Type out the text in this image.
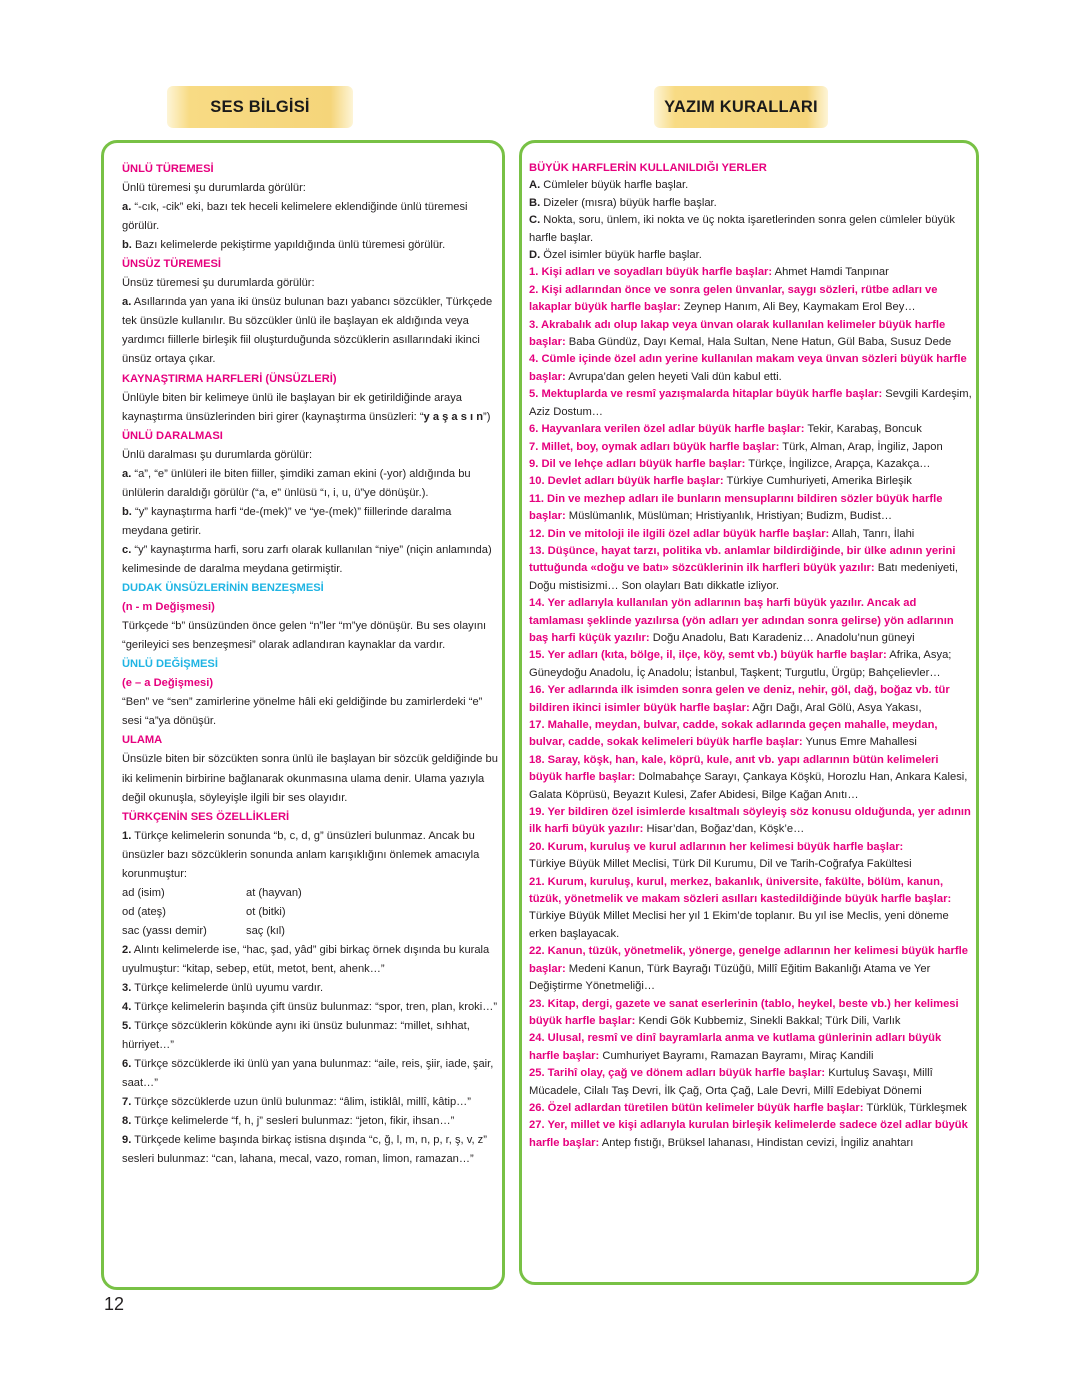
SES BİLGİSİ	YAZIM KURALLARI

ÜNLÜ TÜREMESİ

Ünlü türemesi şu durumlarda görülür:

a. “-cık, -cik” eki, bazı tek heceli kelimelere eklendiğinde ünlü türemesi görülür.

b. Bazı kelimelerde pekiştirme yapıldığında ünlü türemesi görülür.

ÜNSÜZ TÜREMESİ

Ünsüz türemesi şu durumlarda görülür:

a. Asıllarında yan yana iki ünsüz bulunan bazı yabancı sözcükler, Türkçede tek ünsüzle kullanılır. Bu sözcükler ünlü ile başlayan ek aldığında veya yardımcı fiillerle birleşik fiil oluşturduğunda sözcüklerin asıllarındaki ikinci ünsüz ortaya çıkar.

KAYNAŞTIRMA HARFLERİ (ÜNSÜZLERİ)

Ünlüyle biten bir kelimeye ünlü ile başlayan bir ek getirildiğinde araya kaynaştırma ünsüzlerinden biri girer (kaynaştırma ünsüzleri: “y a ş a s ı n”)

ÜNLÜ DARALMASI

Ünlü daralması şu durumlarda görülür:

a. “a”, “e” ünlüleri ile biten fiiller, şimdiki zaman ekini (-yor) aldığında bu ünlülerin daraldığı görülür (“a, e” ünlüsü “ı, i, u, ü”ye dönüşür.).

b. “y” kaynaştırma harfi “de-(mek)” ve “ye-(mek)” fiillerinde daralma meydana getirir.

c. “y” kaynaştırma harfi, soru zarfı olarak kullanılan “niye” (niçin anlamında) kelimesinde de daralma meydana getirmiştir.

DUDAK ÜNSÜZLERİNİN BENZEŞMESİ

(n - m Değişmesi)

Türkçede “b” ünsüzünden önce gelen “n”ler “m”ye dönüşür. Bu ses olayını “gerileyici ses benzeşmesi” olarak adlandıran kaynaklar da vardır.

ÜNLÜ DEĞİŞMESİ

(e – a Değişmesi)

“Ben” ve “sen” zamirlerine yönelme hâli eki geldiğinde bu zamirlerdeki “e” sesi “a”ya dönüşür.

ULAMA

Ünsüzle biten bir sözcükten sonra ünlü ile başlayan bir sözcük geldiğinde bu iki kelimenin birbirine bağlanarak okunmasına ulama denir. Ulama yazıyla değil okunuşla, söyleyişle ilgili bir ses olayıdır.

TÜRKÇENİN SES ÖZELLİKLERİ

1. Türkçe kelimelerin sonunda “b, c, d, g” ünsüzleri bulunmaz. Ancak bu ünsüzler bazı sözcüklerin sonunda anlam karışıklığını önlemek amacıyla korunmuştur:

ad (isim)	at (hayvan)
od (ateş)	ot (bitki)
sac (yassı demir)	saç (kıl)

2. Alıntı kelimelerde ise, “hac, şad, yâd” gibi birkaç örnek dışında bu kurala uyulmuştur: “kitap, sebep, etüt, metot, bent, ahenk…”

3. Türkçe kelimelerde ünlü uyumu vardır.

4. Türkçe kelimelerin başında çift ünsüz bulunmaz: “spor, tren, plan, kroki…”

5. Türkçe sözcüklerin kökünde aynı iki ünsüz bulunmaz: “millet, sıhhat, hürriyet…”

6. Türkçe sözcüklerde iki ünlü yan yana bulunmaz: “aile, reis, şiir, iade, şair, saat…”

7. Türkçe sözcüklerde uzun ünlü bulunmaz: “âlim, istiklâl, millî, kâtip…”

8. Türkçe kelimelerde “f, h, j” sesleri bulunmaz: “jeton, fikir, ihsan…”

9. Türkçede kelime başında birkaç istisna dışında “c, ğ, l, m, n, p, r, ş, v, z” sesleri bulunmaz: “can, lahana, mecal, vazo, roman, limon, ramazan…”

BÜYÜK HARFLERİN KULLANILDIĞI YERLER

A. Cümleler büyük harfle başlar.

B. Dizeler (mısra) büyük harfle başlar.

C. Nokta, soru, ünlem, iki nokta ve üç nokta işaretlerinden sonra gelen cümleler büyük harfle başlar.

D. Özel isimler büyük harfle başlar.

1. Kişi adları ve soyadları büyük harfle başlar: Ahmet Hamdi Tanpınar

2. Kişi adlarından önce ve sonra gelen ünvanlar, saygı sözleri, rütbe adları ve lakaplar büyük harfle başlar: Zeynep Hanım, Ali Bey, Kaymakam Erol Bey…

3. Akrabalık adı olup lakap veya ünvan olarak kullanılan kelimeler büyük harfle başlar: Baba Gündüz, Dayı Kemal, Hala Sultan, Nene Hatun, Gül Baba, Susuz Dede

4. Cümle içinde özel adın yerine kullanılan makam veya ünvan sözleri büyük harfle başlar: Avrupa’dan gelen heyeti Vali dün kabul etti.

5. Mektuplarda ve resmî yazışmalarda hitaplar büyük harfle başlar: Sevgili Kardeşim, Aziz Dostum…

6. Hayvanlara verilen özel adlar büyük harfle başlar: Tekir, Karabaş, Boncuk

7. Millet, boy, oymak adları büyük harfle başlar: Türk, Alman, Arap, İngiliz, Japon

9. Dil ve lehçe adları büyük harfle başlar: Türkçe, İngilizce, Arapça, Kazakça…

10. Devlet adları büyük harfle başlar: Türkiye Cumhuriyeti, Amerika Birleşik

11. Din ve mezhep adları ile bunların mensuplarını bildiren sözler büyük harfle başlar: Müslümanlık, Müslüman; Hristiyanlık, Hristiyan; Budizm, Budist…

12. Din ve mitoloji ile ilgili özel adlar büyük harfle başlar: Allah, Tanrı, İlahi

13. Düşünce, hayat tarzı, politika vb. anlamlar bildirdiğinde, bir ülke adının yerini tuttuğunda «doğu ve batı» sözcüklerinin ilk harfleri büyük yazılır: Batı medeniyeti, Doğu mistisizmi… Son olayları Batı dikkatle izliyor.

14. Yer adlarıyla kullanılan yön adlarının baş harfi büyük yazılır. Ancak ad tamlaması şeklinde yazılırsa (yön adları yer adından sonra gelirse) yön adlarının baş harfi küçük yazılır: Doğu Anadolu, Batı Karadeniz… Anadolu’nun güneyi

15. Yer adları (kıta, bölge, il, ilçe, köy, semt vb.) büyük harfle başlar: Afrika, Asya; Güneydoğu Anadolu, İç Anadolu; İstanbul, Taşkent; Turgutlu, Ürgüp; Bahçelievler…

16. Yer adlarında ilk isimden sonra gelen ve deniz, nehir, göl, dağ, boğaz vb. tür bildiren ikinci isimler büyük harfle başlar: Ağrı Dağı, Aral Gölü, Asya Yakası,

17. Mahalle, meydan, bulvar, cadde, sokak adlarında geçen mahalle, meydan, bulvar, cadde, sokak kelimeleri büyük harfle başlar: Yunus Emre Mahallesi

18. Saray, köşk, han, kale, köprü, kule, anıt vb. yapı adlarının bütün kelimeleri büyük harfle başlar: Dolmabahçe Sarayı, Çankaya Köşkü, Horozlu Han, Ankara Kalesi, Galata Köprüsü, Beyazıt Kulesi, Zafer Abidesi, Bilge Kağan Anıtı…

19. Yer bildiren özel isimlerde kısaltmalı söyleyiş söz konusu olduğunda, yer adının ilk harfi büyük yazılır: Hisar’dan, Boğaz’dan, Köşk’e…

20. Kurum, kuruluş ve kurul adlarının her kelimesi büyük harfle başlar:
Türkiye Büyük Millet Meclisi, Türk Dil Kurumu, Dil ve Tarih-Coğrafya Fakültesi

21. Kurum, kuruluş, kurul, merkez, bakanlık, üniversite, fakülte, bölüm, kanun, tüzük, yönetmelik ve makam sözleri asılları kastedildiğinde büyük harfle başlar:
Türkiye Büyük Millet Meclisi her yıl 1 Ekim’de toplanır. Bu yıl ise Meclis, yeni döneme erken başlayacak.

22. Kanun, tüzük, yönetmelik, yönerge, genelge adlarının her kelimesi büyük harfle başlar: Medeni Kanun, Türk Bayrağı Tüzüğü, Millî Eğitim Bakanlığı Atama ve Yer Değiştirme Yönetmeliği…

23. Kitap, dergi, gazete ve sanat eserlerinin (tablo, heykel, beste vb.) her kelimesi büyük harfle başlar: Kendi Gök Kubbemiz, Sinekli Bakkal; Türk Dili, Varlık

24. Ulusal, resmî ve dinî bayramlarla anma ve kutlama günlerinin adları büyük harfle başlar: Cumhuriyet Bayramı, Ramazan Bayramı, Miraç Kandili

25. Tarihî olay, çağ ve dönem adları büyük harfle başlar: Kurtuluş Savaşı, Millî Mücadele, Cilalı Taş Devri, İlk Çağ, Orta Çağ, Lale Devri, Millî Edebiyat Dönemi

26. Özel adlardan türetilen bütün kelimeler büyük harfle başlar: Türklük, Türkleşmek

27. Yer, millet ve kişi adlarıyla kurulan birleşik kelimelerde sadece özel adlar büyük harfle başlar: Antep fıstığı, Brüksel lahanası, Hindistan cevizi, İngiliz anahtarı

12
